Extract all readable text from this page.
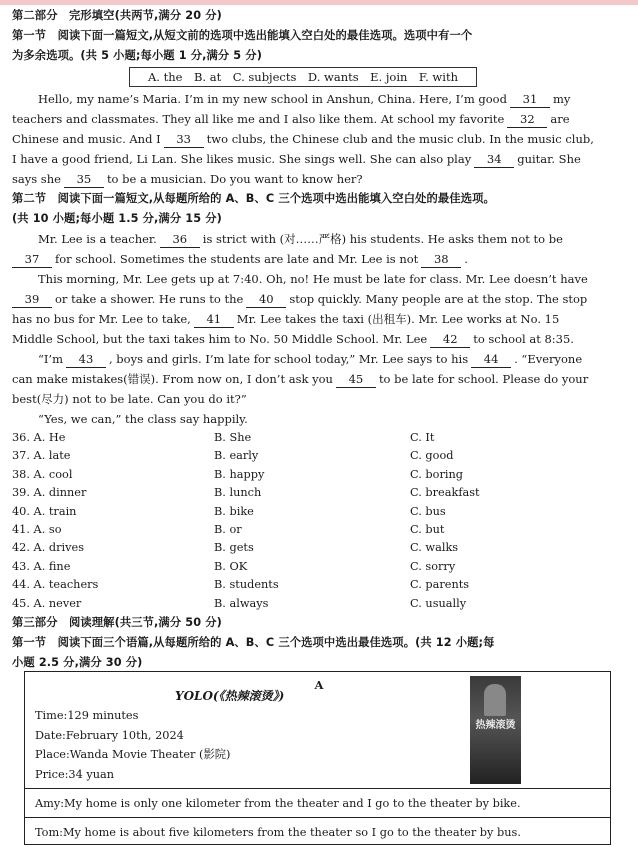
第二部分　完形填空(共两节,满分 20 分)
第一节　阅读下面一篇短文,从短文前的选项中选出能填入空白处的最佳选项。选项中有一个
为多余选项。(共 5 小题;每小题 1 分,满分 5 分)
A. the　B. at　C. subjects　D. wants　E. join　F. with
Hello, my name’s Maria. I’m in my new school in Anshun, China. Here, I’m good 31 my
teachers and classmates. They all like me and I also like them. At school my favorite 32 are
Chinese and music. And I 33 two clubs, the Chinese club and the music club. In the music club,
I have a good friend, Li Lan. She likes music. She sings well. She can also play 34 guitar. She
says she 35 to be a musician. Do you want to know her?
第二节　阅读下面一篇短文,从每题所给的 A、B、C 三个选项中选出能填入空白处的最佳选项。
(共 10 小题;每小题 1.5 分,满分 15 分)
Mr. Lee is a teacher. 36 is strict with (对……严格) his students. He asks them not to be
37 for school. Sometimes the students are late and Mr. Lee is not 38 .
This morning, Mr. Lee gets up at 7:40. Oh, no! He must be late for class. Mr. Lee doesn’t have
39 or take a shower. He runs to the 40 stop quickly. Many people are at the stop. The stop
has no bus for Mr. Lee to take, 41 Mr. Lee takes the taxi (出租车). Mr. Lee works at No. 15
Middle School, but the taxi takes him to No. 50 Middle School. Mr. Lee 42 to school at 8:35.
“I’m 43 , boys and girls. I’m late for school today,” Mr. Lee says to his 44 . “Everyone
can make mistakes(错误). From now on, I don’t ask you 45 to be late for school. Please do your
best(尽力) not to be late. Can you do it?”
“Yes, we can,” the class say happily.
36. A. He	B. She	C. It
37. A. late	B. early	C. good
38. A. cool	B. happy	C. boring
39. A. dinner	B. lunch	C. breakfast
40. A. train	B. bike	C. bus
41. A. so	B. or	C. but
42. A. drives	B. gets	C. walks
43. A. fine	B. OK	C. sorry
44. A. teachers	B. students	C. parents
45. A. never	B. always	C. usually
第三部分　阅读理解(共三节,满分 50 分)
第一节　阅读下面三个语篇,从每题所给的 A、B、C 三个选项中选出最佳选项。(共 12 小题;每
小题 2.5 分,满分 30 分)
A
YOLO(《热辣滚烫》)
Time:129 minutes
Date:February 10th, 2024
Place:Wanda Movie Theater (影院)
Price:34 yuan
热辣滚烫
Amy:My home is only one kilometer from the theater and I go to the theater by bike.
Tom:My home is about five kilometers from the theater so I go to the theater by bus.
